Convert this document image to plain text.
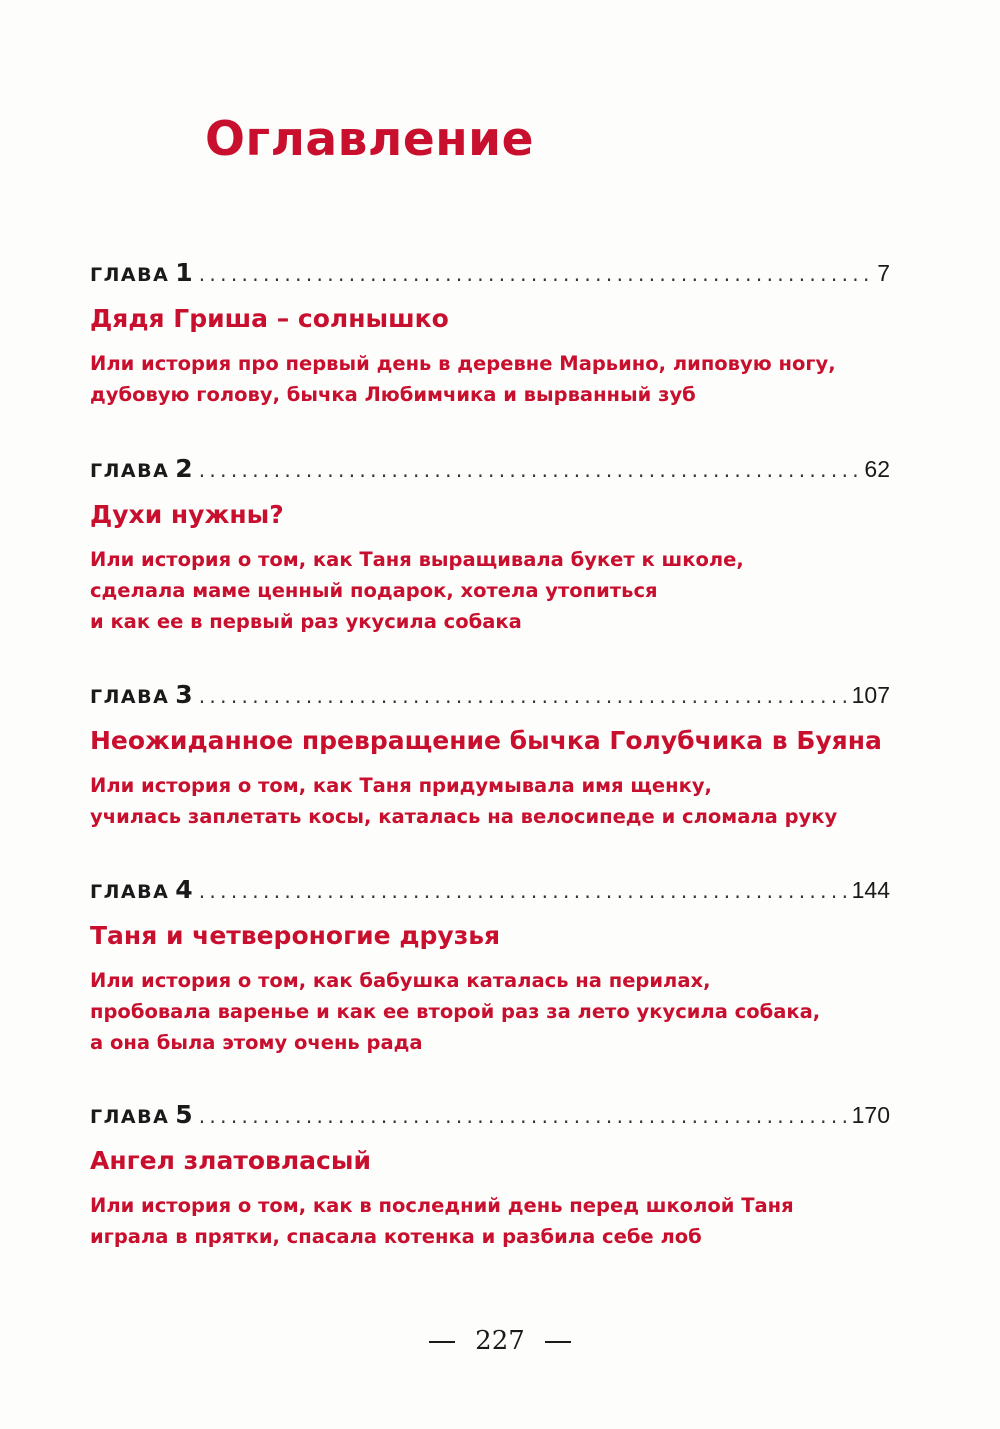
Оглавление
ГЛАВА 1 . . .	7
Дядя Гриша – солнышко
Или история про первый день в деревне Марьино, липовую ногу,
дубовую голову, бычка Любимчика и вырванный зуб
ГЛАВА 2 . . .	62
Духи нужны?
Или история о том, как Таня выращивала букет к школе,
сделала маме ценный подарок, хотела утопиться
и как ее в первый раз укусила собака
ГЛАВА 3 . . .	107
Неожиданное превращение бычка Голубчика в Буяна
Или история о том, как Таня придумывала имя щенку,
училась заплетать косы, каталась на велосипеде и сломала руку
ГЛАВА 4 . . .	144
Таня и четвероногие друзья
Или история о том, как бабушка каталась на перилах,
пробовала варенье и как ее второй раз за лето укусила собака,
а она была этому очень рада
ГЛАВА 5 . . .	170
Ангел златовласый
Или история о том, как в последний день перед школой Таня
играла в прятки, спасала котенка и разбила себе лоб
227
